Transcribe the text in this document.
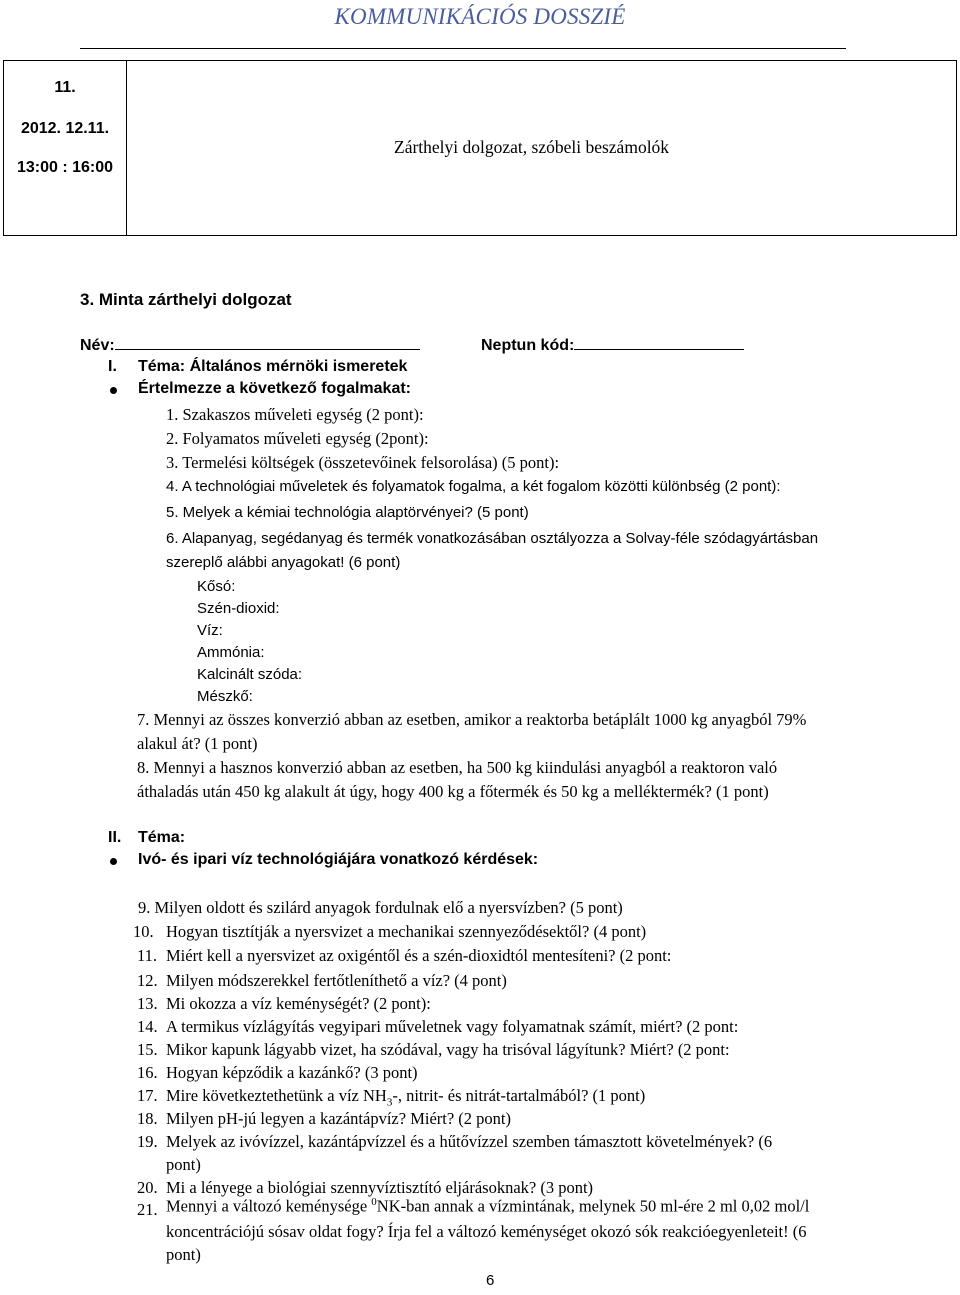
KOMMUNIKÁCIÓS DOSSZIÉ
11.
2012. 12.11.
13:00 : 16:00
Zárthelyi dolgozat, szóbeli beszámolók
3. Minta zárthelyi dolgozat
Név:	Neptun kód:
I. Téma: Általános mérnöki ismeretek
Értelmezze a következő fogalmakat:
1. Szakaszos műveleti egység (2 pont):
2. Folyamatos műveleti egység (2pont):
3. Termelési költségek (összetevőinek felsorolása) (5 pont):
4. A technológiai műveletek és folyamatok fogalma, a két fogalom közötti különbség (2 pont):
5. Melyek a kémiai technológia alaptörvényei? (5 pont)
6. Alapanyag, segédanyag és termék vonatkozásában osztályozza a Solvay-féle szódagyártásban
szereplő alábbi anyagokat! (6 pont)
Kősó:
Szén-dioxid:
Víz:
Ammónia:
Kalcinált szóda:
Mészkő:
7. Mennyi az összes konverzió abban az esetben, amikor a reaktorba betáplált 1000 kg anyagból 79%
alakul át? (1 pont)
8. Mennyi a hasznos konverzió abban az esetben, ha 500 kg kiindulási anyagból a reaktoron való
áthaladás után 450 kg alakult át úgy, hogy 400 kg a főtermék és 50 kg a melléktermék? (1 pont)
II. Téma:
Ivó- és ipari víz technológiájára vonatkozó kérdések:
9. Milyen oldott és szilárd anyagok fordulnak elő a nyersvízben? (5 pont)
10. Hogyan tisztítják a nyersvizet a mechanikai szennyeződésektől? (4 pont)
11. Miért kell a nyersvizet az oxigéntől és a szén-dioxidtól mentesíteni? (2 pont:
12. Milyen módszerekkel fertőtleníthető a víz? (4 pont)
13. Mi okozza a víz keménységét? (2 pont):
14. A termikus vízlágyítás vegyipari műveletnek vagy folyamatnak számít, miért? (2 pont:
15. Mikor kapunk lágyabb vizet, ha szódával, vagy ha trisóval lágyítunk? Miért? (2 pont:
16. Hogyan képződik a kazánkő? (3 pont)
17. Mire következtethetünk a víz $NH_3-$, nitrit- és nitrát-tartalmából? (1 pont)
18. Milyen pH-jú legyen a kazántápvíz? Miért? (2 pont)
19. Melyek az ivóvízzel, kazántápvízzel és a hűtővízzel szemben támasztott követelmények? (6
pont)
20. Mi a lényege a biológiai szennyvíztisztító eljárásoknak? (3 pont)
21. Mennyi a változó keménysége $^0$NK-ban annak a vízmintának, melynek 50 ml-ére 2 ml 0,02 mol/l
koncentrációjú sósav oldat fogy? Írja fel a változó keménységet okozó sók reakcióegyenleteit! (6
pont)
6
